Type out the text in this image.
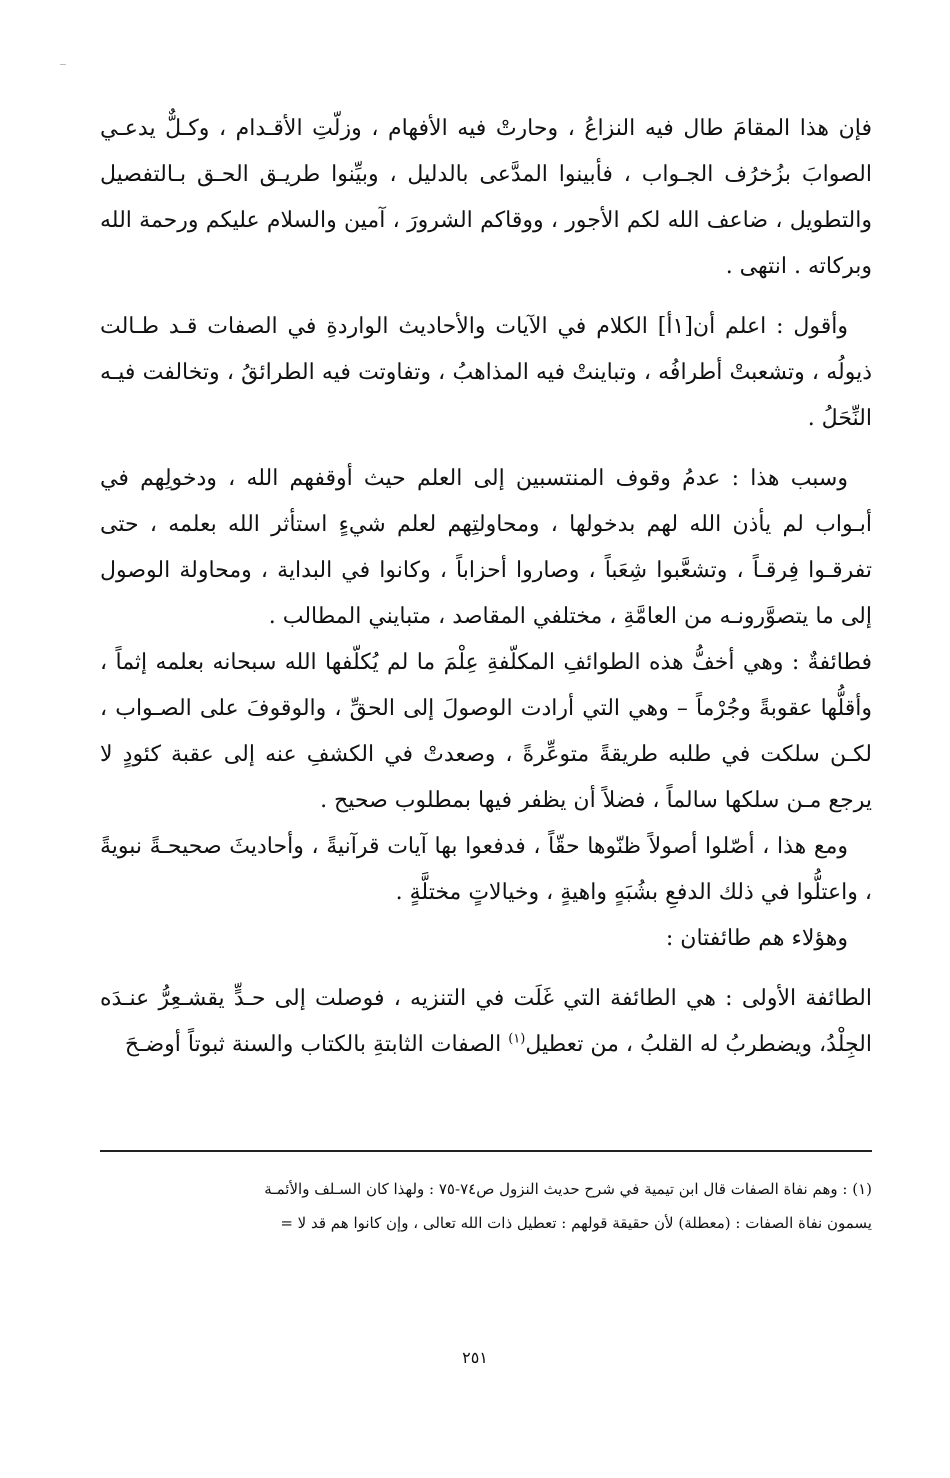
فإن هذا المقامَ طال فيه النزاعُ ، وحارتْ فيه الأفهام ، وزلّتِ الأقـدام ، وكـلٌّ يدعـي الصوابَ بزُخرُف الجـواب ، فأبينوا المدَّعى بالدليل ، وبيِّنوا طريـق الحـق بـالتفصيل والتطويل ، ضاعف الله لكم الأجور ، ووقاكم الشرورَ ، آمين والسلام عليكم ورحمة الله وبركاته . انتهى .

وأقول : اعلم أن[١أ] الكلام في الآيات والأحاديث الواردةِ في الصفات قـد طـالت ذيولُه ، وتشعبتْ أطرافُه ، وتباينتْ فيه المذاهبُ ، وتفاوتت فيه الطرائقُ ، وتخالفت فيـه النِّحَلُ .

وسبب هذا : عدمُ وقوف المنتسبين إلى العلم حيث أوقفهم الله ، ودخولِهم في أبـواب لم يأذن الله لهم بدخولها ، ومحاولتِهم لعلم شيءٍ استأثر الله بعلمه ، حتى تفرقـوا فِرقـاً ، وتشعَّبوا شِعَباً ، وصاروا أحزاباً ، وكانوا في البداية ، ومحاولة الوصول إلى ما يتصوَّرونـه من العامَّةِ ، مختلفي المقاصد ، متبايني المطالب .

فطائفةٌ : وهي أخفُّ هذه الطوائفِ المكلّفةِ عِلْمَ ما لم يُكلّفها الله سبحانه بعلمه إثماً ، وأقلُّها عقوبةً وجُرْماً – وهي التي أرادت الوصولَ إلى الحقِّ ، والوقوفَ على الصـواب ، لكـن سلكت في طلبه طريقةً متوعِّرةً ، وصعدتْ في الكشفِ عنه إلى عقبة كئودٍ لا يرجع مـن سلكها سالماً ، فضلاً أن يظفر فيها بمطلوب صحيح .

ومع هذا ، أصّلوا أصولاً ظنّوها حقّاً ، فدفعوا بها آيات قرآنيةً ، وأحاديثَ صحيحـةً نبويةً ، واعتلُّوا في ذلك الدفعِ بشُبَهٍ واهيةٍ ، وخيالاتٍ مختلَّةٍ .

وهؤلاء هم طائفتان :

الطائفة الأولى : هي الطائفة التي غَلَت في التنزيه ، فوصلت إلى حـدٍّ يقشـعِرُّ عنـدَه الجِلْدُ، ويضطربُ له القلبُ ، من تعطيل$^{(١)}$ الصفات الثابتةِ بالكتاب والسنة ثبوتاً أوضـحَ

(١) : وهم نفاة الصفات قال ابن تيمية في شرح حديث النزول ص٧٤-٧٥ : ولهذا كان السـلف والأئمـة

يسمون نفاة الصفات : (معطلة) لأن حقيقة قولهم : تعطيل ذات الله تعالى ، وإن كانوا هم قد لا =

٢٥١
